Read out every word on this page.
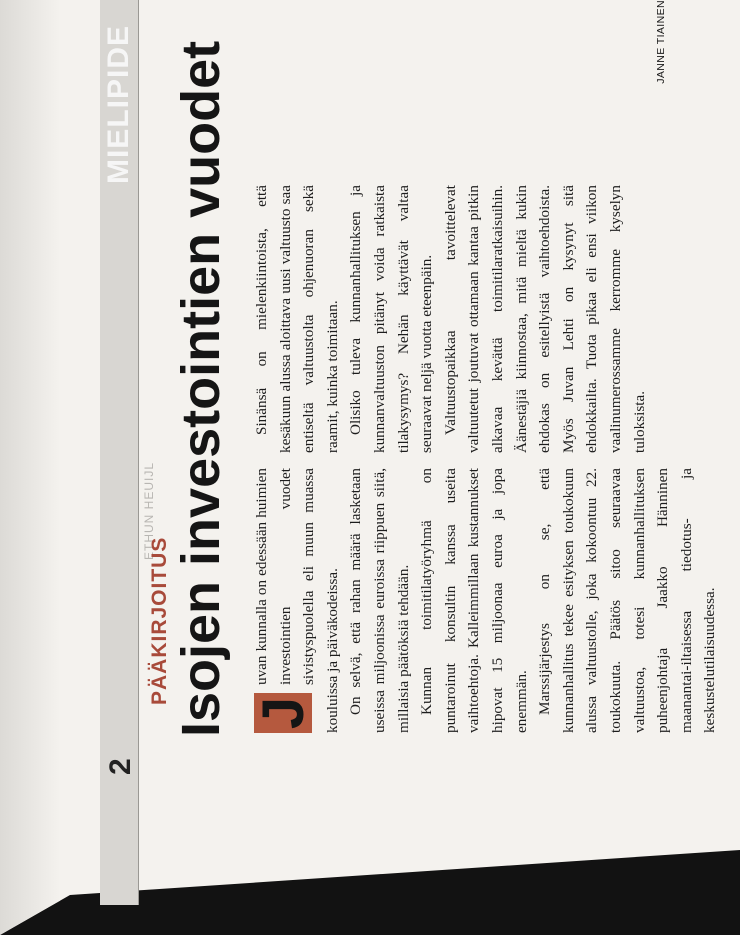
2
MIELIPIDE
ETHUN HEUIJL
PÄÄKIRJOITUS Isojen investointien vuodet J
uvan kunnalla on edessään huimien investointien vuodet sivistyspuolella eli muun muassa kouluissa ja päiväkodeissa. On selvä, että rahan määrä lasketaan useissa miljoonissa euroissa riippuen siitä, millaisia päätöksiä tehdään. Kunnan toimitilatyöryhmä on puntaroinut konsultin kanssa useita vaihtoehtoja. Kalleimmillaan kustannukset hipovat 15 miljoonaa euroa ja jopa enemmän. Marssijärjestys on se, että kunnanhallitus tekee esityksen toukokuun alussa valtuustolle, joka kokoontuu 22. toukokuuta. Päätös sitoo seuraavaa valtuustoa, totesi kunnanhallituksen puheenjohtaja Jaakko Hänninen maanantai-iltaisessa tiedotus- ja keskustelutilaisuudessa.

Sinänsä on mielenkiintoista, että kesäkuun alussa aloittava uusi valtuusto saa entiseltä valtuustolta ohjenuoran sekä raamit, kuinka toimitaan. Olisiko tuleva kunnanhallituksen ja kunnanvaltuuston pitänyt voida ratkaista tilakysymys? Nehän käyttävät valtaa seuraavat neljä vuotta eteenpäin. Valtuustopaikkaa tavoittelevat valtuutetut joutuvat ottamaan kantaa pitkin alkavaa kevättä toimitilaratkaisuihin. Äänestäjiä kiinnostaa, mitä mieltä kukin ehdokas on esitellyistä vaihtoehdoista. Myös Juvan Lehti on kysynyt sitä ehdokkailta. Tuota pikaa eli ensi viikon vaalinumerossamme kerromme kyselyn tuloksista.

JANNE TIAINEN
